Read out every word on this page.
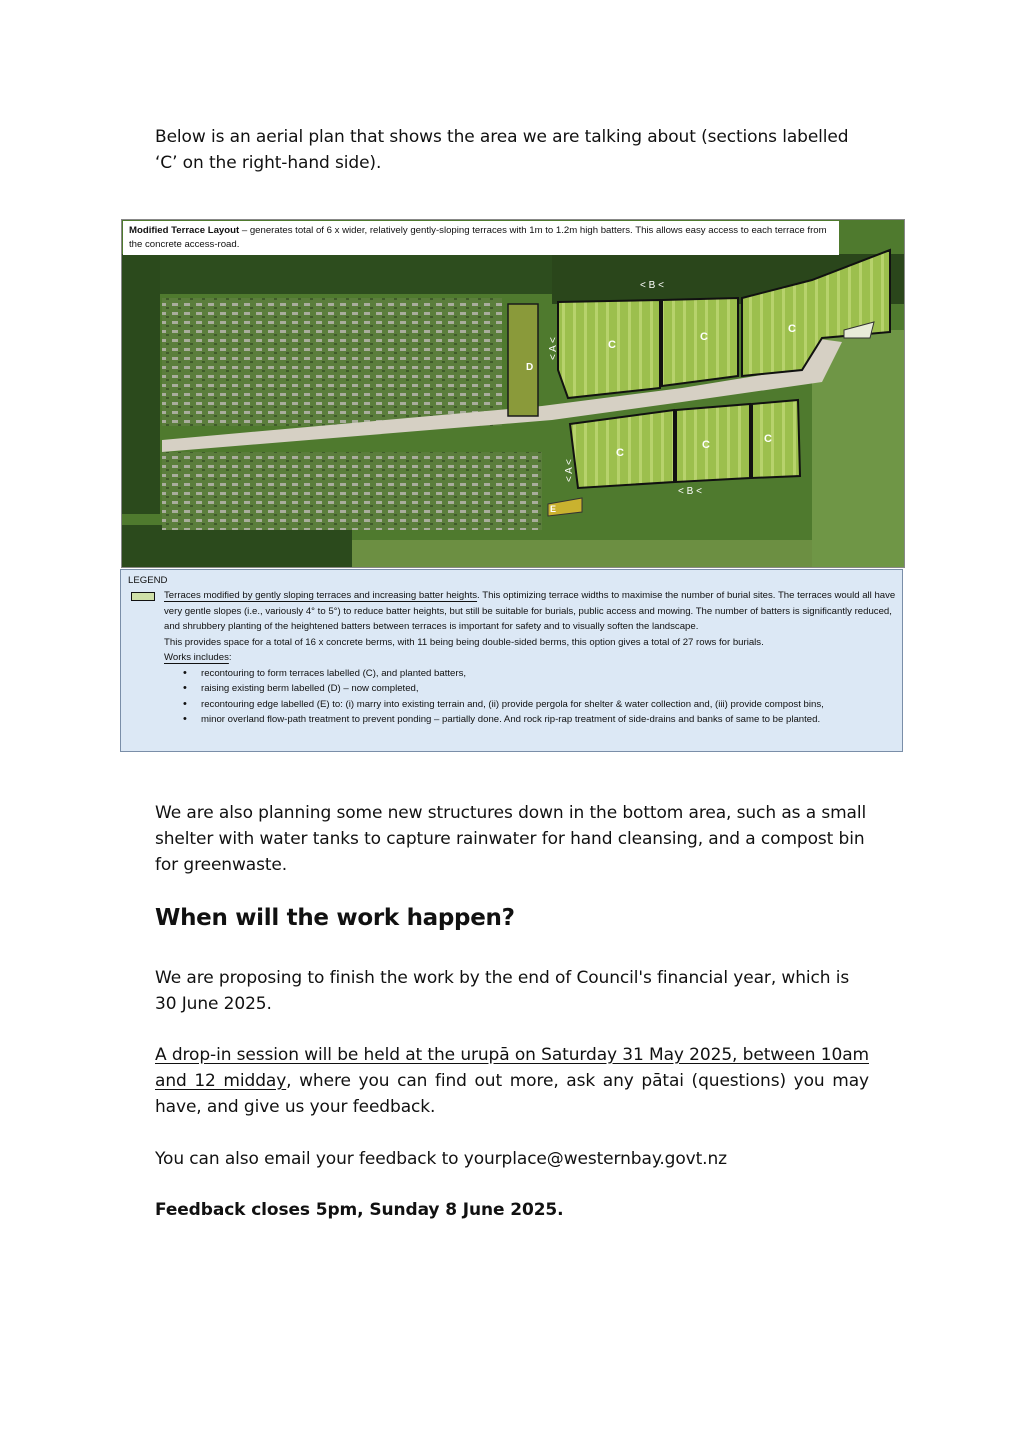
Below is an aerial plan that shows the area we are talking about (sections labelled ‘C’ on the right-hand side).

< B <
< B <
< A <
< A <
C
C
C
C
C	C
D
E
Modified Terrace Layout – generates total of 6 x wider, relatively gently-sloping terraces with 1m to 1.2m high batters. This allows easy access to each terrace from the concrete access-road.
LEGEND

Terraces modified by gently sloping terraces and increasing batter heights. This optimizing terrace widths to maximise the number of burial sites. The terraces would all have very gentle slopes (i.e., variously 4° to 5°) to reduce batter heights, but still be suitable for burials, public access and mowing. The number of batters is significantly reduced, and shrubbery planting of the heightened batters between terraces is important for safety and to visually soften the landscape.

This provides space for a total of 16 x concrete berms, with 11 being being double-sided berms, this option gives a total of 27 rows for burials.

Works includes:

• recontouring to form terraces labelled (C), and planted batters,
• raising existing berm labelled (D) – now completed,
• recontouring edge labelled (E) to: (i) marry into existing terrain and, (ii) provide pergola for shelter & water collection and, (iii) provide compost bins,
• minor overland flow-path treatment to prevent ponding – partially done. And rock rip-rap treatment of side-drains and banks of same to be planted.

We are also planning some new structures down in the bottom area, such as a small shelter with water tanks to capture rainwater for hand cleansing, and a compost bin for greenwaste.

When will the work happen?

We are proposing to finish the work by the end of Council's financial year, which is 30 June 2025.

A drop-in session will be held at the urupā on Saturday 31 May 2025, between 10am and 12 midday, where you can find out more, ask any pātai (questions) you may have, and give us your feedback.

You can also email your feedback to yourplace@westernbay.govt.nz

Feedback closes 5pm, Sunday 8 June 2025.
